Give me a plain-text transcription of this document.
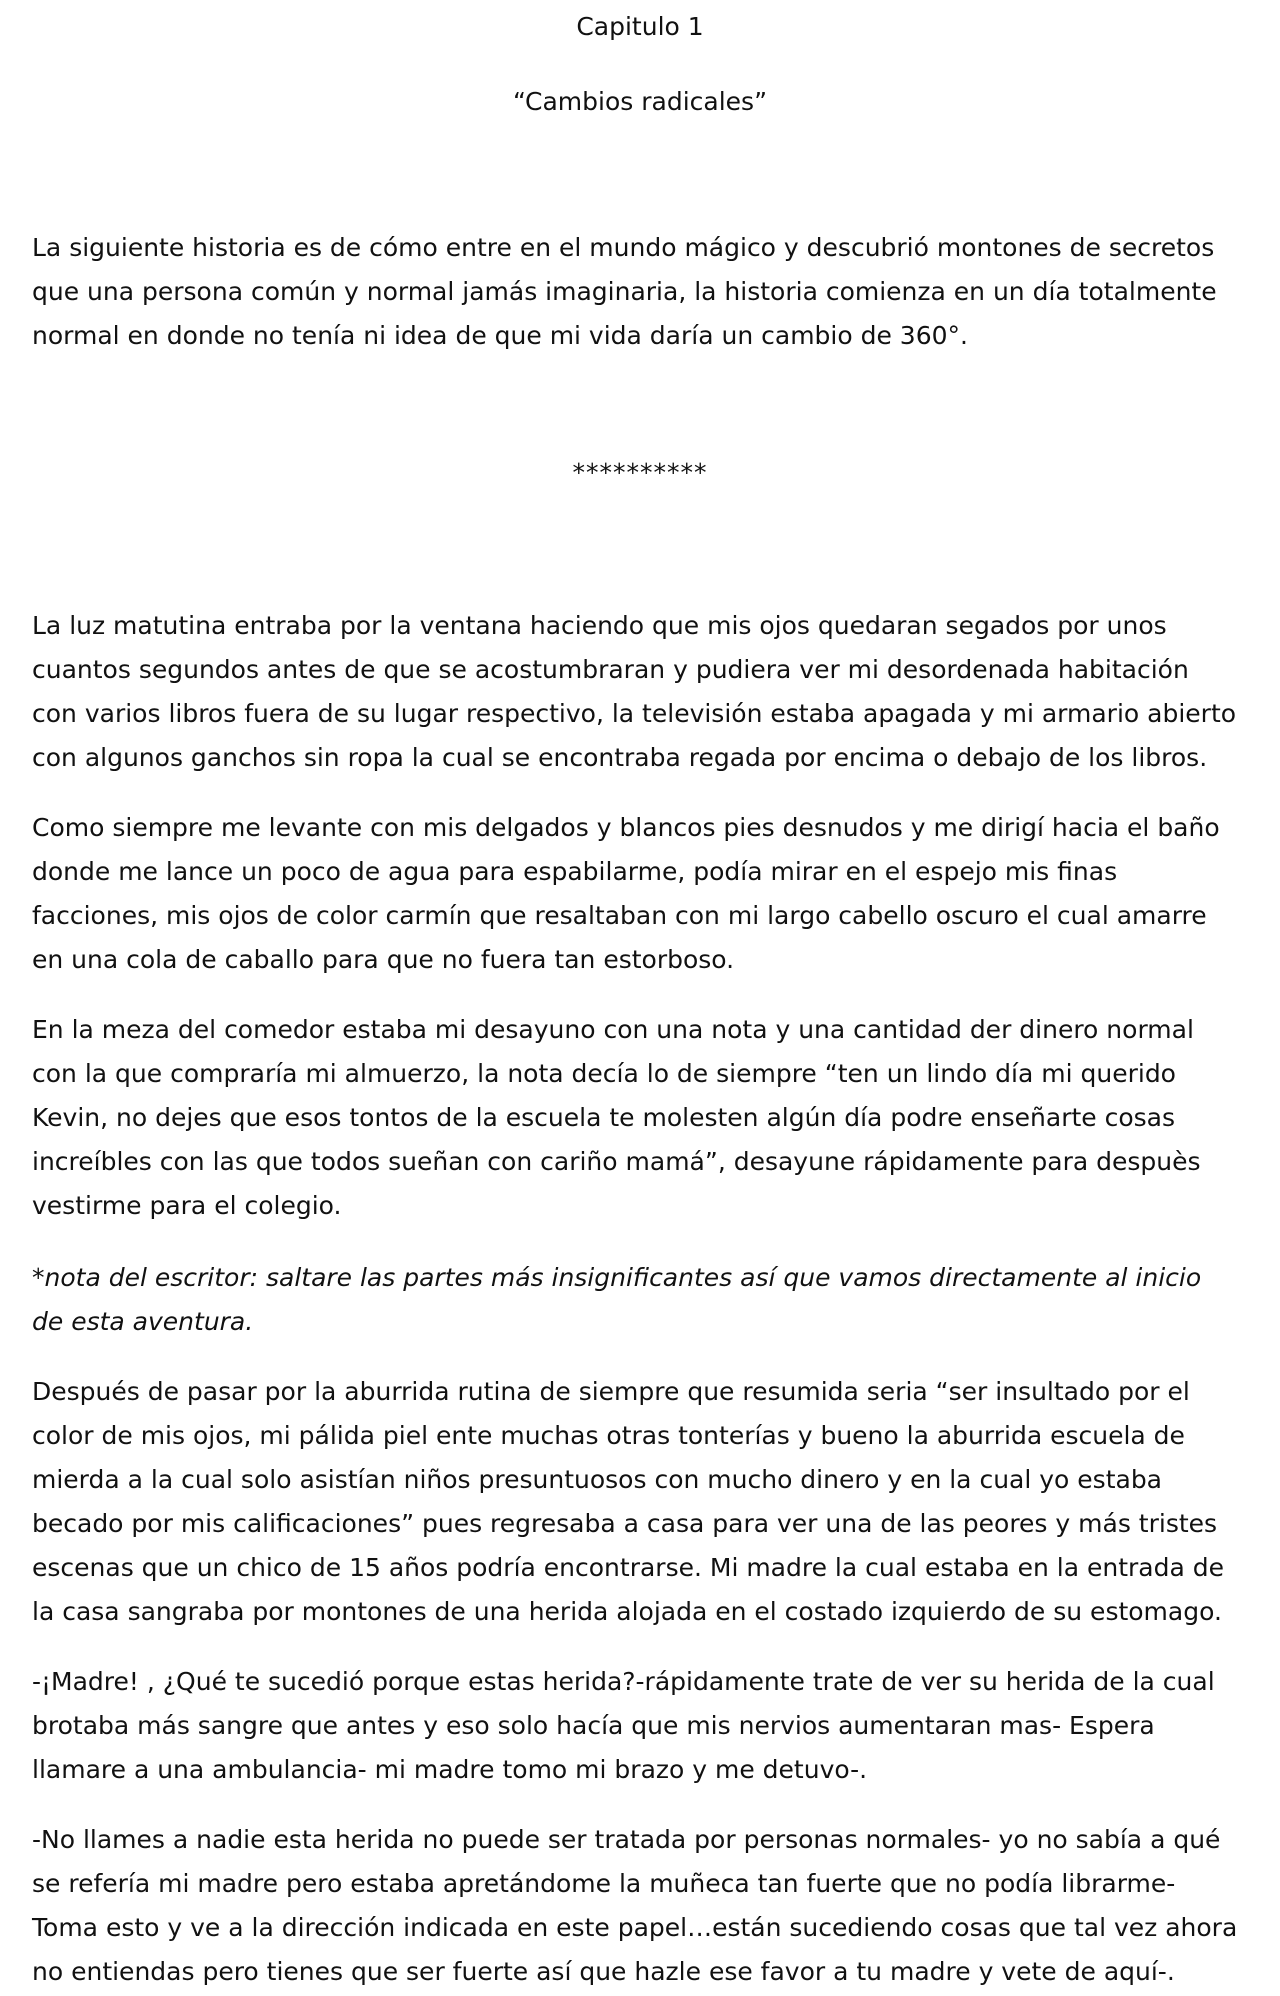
Capitulo 1

“Cambios radicales”

La siguiente historia es de cómo entre en el mundo mágico y descubrió montones de secretos
que una persona común y normal jamás imaginaria, la historia comienza en un día totalmente
normal en donde no tenía ni idea de que mi vida daría un cambio de 360°.

**********

La luz matutina entraba por la ventana haciendo que mis ojos quedaran segados por unos
cuantos segundos antes de que se acostumbraran y pudiera ver mi desordenada habitación
con varios libros fuera de su lugar respectivo, la televisión estaba apagada y mi armario abierto
con algunos ganchos sin ropa la cual se encontraba regada por encima o debajo de los libros.

Como siempre me levante con mis delgados y blancos pies desnudos y me dirigí hacia el baño
donde me lance un poco de agua para espabilarme, podía mirar en el espejo mis finas
facciones, mis ojos de color carmín que resaltaban con mi largo cabello oscuro el cual amarre
en una cola de caballo para que no fuera tan estorboso.

En la meza del comedor estaba mi desayuno con una nota y una cantidad der dinero normal
con la que compraría mi almuerzo, la nota decía lo de siempre “ten un lindo día mi querido
Kevin, no dejes que esos tontos de la escuela te molesten algún día podre enseñarte cosas
increíbles con las que todos sueñan con cariño mamá”, desayune rápidamente para despuès
vestirme para el colegio.

*nota del escritor: saltare las partes más insignificantes así que vamos directamente al inicio
de esta aventura.

Después de pasar por la aburrida rutina de siempre que resumida seria “ser insultado por el
color de mis ojos, mi pálida piel ente muchas otras tonterías y bueno la aburrida escuela de
mierda a la cual solo asistían niños presuntuosos con mucho dinero y en la cual yo estaba
becado por mis calificaciones” pues regresaba a casa para ver una de las peores y más tristes
escenas que un chico de 15 años podría encontrarse. Mi madre la cual estaba en la entrada de
la casa sangraba por montones de una herida alojada en el costado izquierdo de su estomago.

-¡Madre! , ¿Qué te sucedió porque estas herida?-rápidamente trate de ver su herida de la cual
brotaba más sangre que antes y eso solo hacía que mis nervios aumentaran mas- Espera
llamare a una ambulancia- mi madre tomo mi brazo y me detuvo-.

-No llames a nadie esta herida no puede ser tratada por personas normales- yo no sabía a qué
se refería mi madre pero estaba apretándome la muñeca tan fuerte que no podía librarme-
Toma esto y ve a la dirección indicada en este papel…están sucediendo cosas que tal vez ahora
no entiendas pero tienes que ser fuerte así que hazle ese favor a tu madre y vete de aquí-.
